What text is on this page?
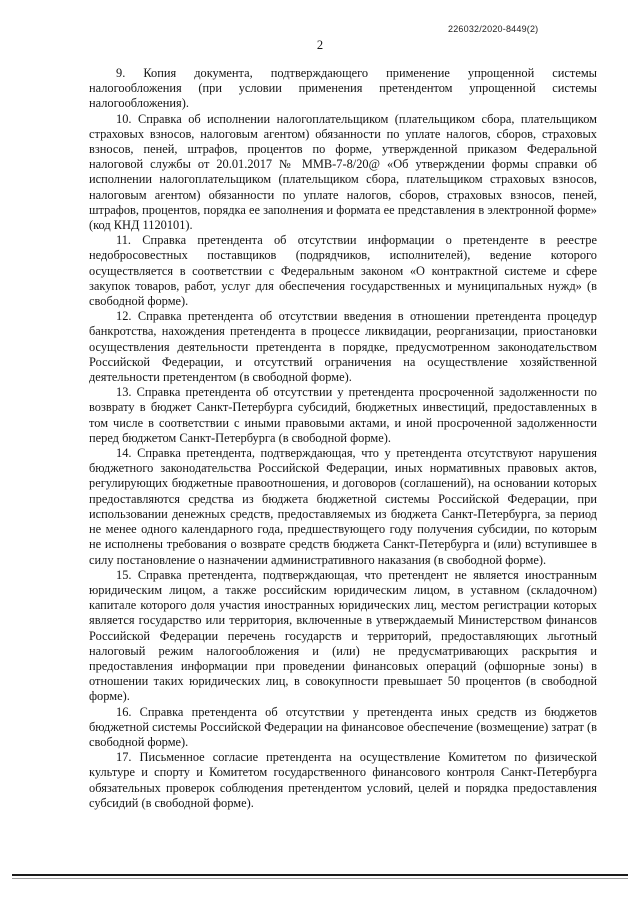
226032/2020-8449(2)
2

9. Копия документа, подтверждающего применение упрощенной системы налогообложения (при условии применения претендентом упрощенной системы налогообложения).

10. Справка об исполнении налогоплательщиком (плательщиком сбора, плательщиком страховых взносов, налоговым агентом) обязанности по уплате налогов, сборов, страховых взносов, пеней, штрафов, процентов по форме, утвержденной приказом Федеральной налоговой службы от 20.01.2017 № ММВ-7-8/20@ «Об утверждении формы справки об исполнении налогоплательщиком (плательщиком сбора, плательщиком страховых взносов, налоговым агентом) обязанности по уплате налогов, сборов, страховых взносов, пеней, штрафов, процентов, порядка ее заполнения и формата ее представления в электронной форме» (код КНД 1120101).

11. Справка претендента об отсутствии информации о претенденте в реестре недобросовестных поставщиков (подрядчиков, исполнителей), ведение которого осуществляется в соответствии с Федеральным законом «О контрактной системе и сфере закупок товаров, работ, услуг для обеспечения государственных и муниципальных нужд» (в свободной форме).

12. Справка претендента об отсутствии введения в отношении претендента процедур банкротства, нахождения претендента в процессе ликвидации, реорганизации, приостановки осуществления деятельности претендента в порядке, предусмотренном законодательством Российской Федерации, и отсутствий ограничения на осуществление хозяйственной деятельности претендентом (в свободной форме).

13. Справка претендента об отсутствии у претендента просроченной задолженности по возврату в бюджет Санкт-Петербурга субсидий, бюджетных инвестиций, предоставленных в том числе в соответствии с иными правовыми актами, и иной просроченной задолженности перед бюджетом Санкт-Петербурга (в свободной форме).

14. Справка претендента, подтверждающая, что у претендента отсутствуют нарушения бюджетного законодательства Российской Федерации, иных нормативных правовых актов, регулирующих бюджетные правоотношения, и договоров (соглашений), на основании которых предоставляются средства из бюджета бюджетной системы Российской Федерации, при использовании денежных средств, предоставляемых из бюджета Санкт-Петербурга, за период не менее одного календарного года, предшествующего году получения субсидии, по которым не исполнены требования о возврате средств бюджета Санкт-Петербурга и (или) вступившее в силу постановление о назначении административного наказания (в свободной форме).

15. Справка претендента, подтверждающая, что претендент не является иностранным юридическим лицом, а также российским юридическим лицом, в уставном (складочном) капитале которого доля участия иностранных юридических лиц, местом регистрации которых является государство или территория, включенные в утверждаемый Министерством финансов Российской Федерации перечень государств и территорий, предоставляющих льготный налоговый режим налогообложения и (или) не предусматривающих раскрытия и предоставления информации при проведении финансовых операций (офшорные зоны) в отношении таких юридических лиц, в совокупности превышает 50 процентов (в свободной форме).

16. Справка претендента об отсутствии у претендента иных средств из бюджетов бюджетной системы Российской Федерации на финансовое обеспечение (возмещение) затрат (в свободной форме).

17. Письменное согласие претендента на осуществление Комитетом по физической культуре и спорту и Комитетом государственного финансового контроля Санкт-Петербурга обязательных проверок соблюдения претендентом условий, целей и порядка предоставления субсидий (в свободной форме).
